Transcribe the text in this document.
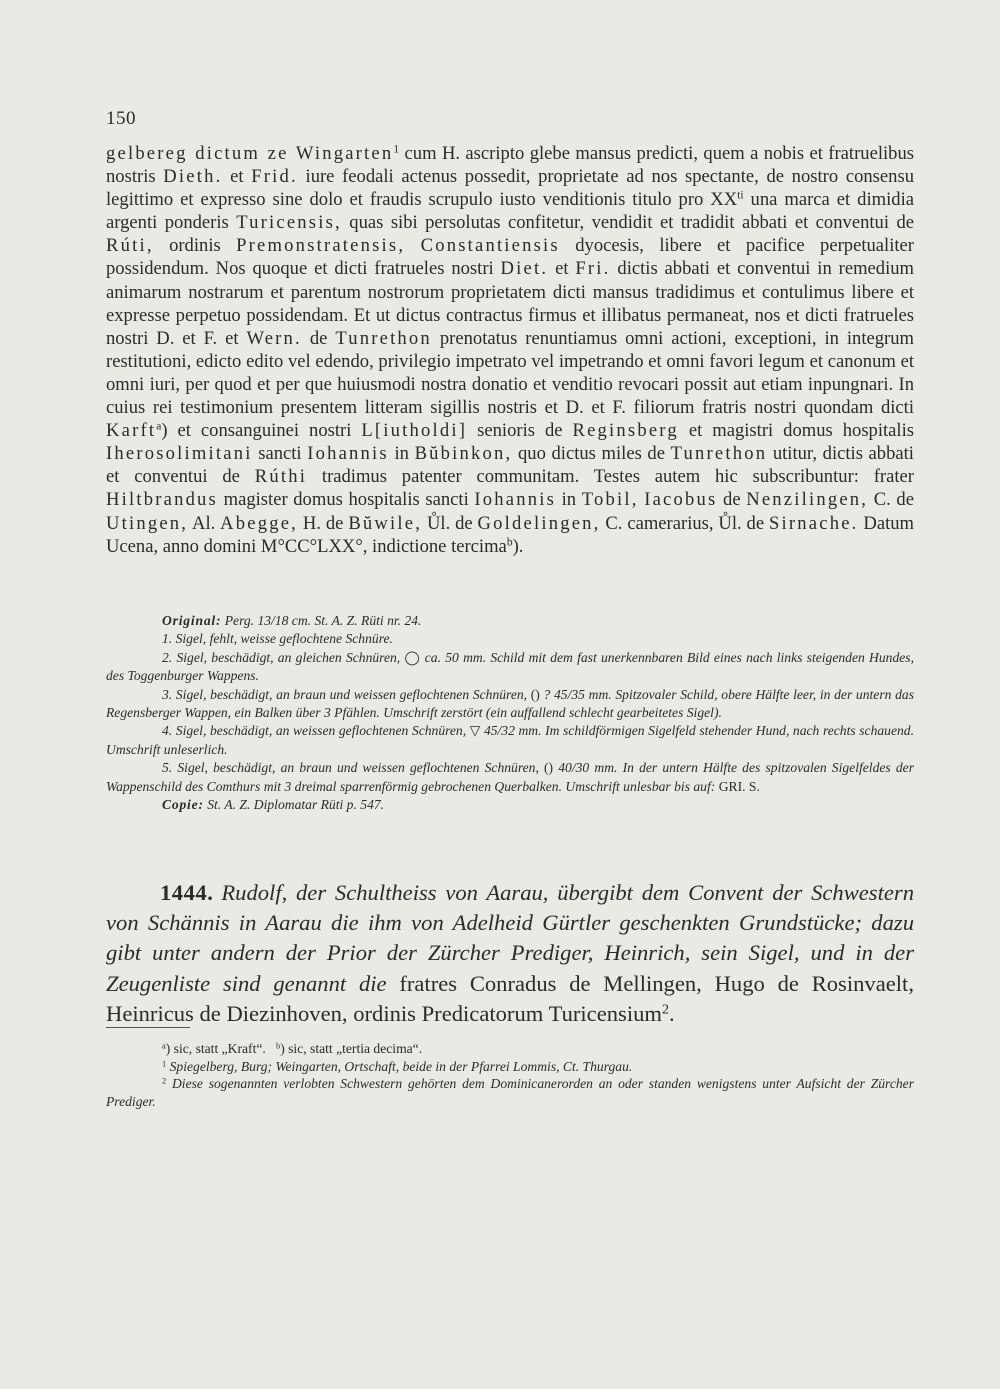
150

gelbereg dictum ze Wingarten$^1$ cum H. ascripto glebe mansus predicti, quem a nobis et fratruelibus nostris Dieth. et Frid. iure feodali actenus possedit, proprietate ad nos spectante, de nostro consensu legittimo et expresso sine dolo et fraudis scrupulo iusto venditionis titulo pro $XX^{ti}$ una marca et dimidia argenti ponderis Turicensis, quas sibi persolutas confitetur, vendidit et tradidit abbati et conventui de Rúti, ordinis Premonstratensis, Constantiensis dyocesis, libere et pacifice perpetualiter possidendum. Nos quoque et dicti fratrueles nostri Diet. et Fri. dictis abbati et conventui in remedium animarum nostrarum et parentum nostrorum proprietatem dicti mansus tradidimus et contulimus libere et expresse perpetuo possidendam. Et ut dictus contractus firmus et illibatus permaneat, nos et dicti fratrueles nostri D. et F. et Wern. de Tunrethon prenotatus renuntiamus omni actioni, exceptioni, in integrum restitutioni, edicto edito vel edendo, privilegio impetrato vel impetrando et omni favori legum et canonum et omni iuri, per quod et per que huiusmodi nostra donatio et venditio revocari possit aut etiam inpungnari. In cuius rei testimonium presentem litteram sigillis nostris et D. et F. filiorum fratris nostri quondam dicti Karft$^a$) et consanguinei nostri L[iutholdi] senioris de Reginsberg et magistri domus hospitalis Iherosolimitani sancti Iohannis in Bŭbinkon, quo dictus miles de Tunrethon utitur, dictis abbati et conventui de Rúthi tradimus patenter communitam. Testes autem hic subscribuntur: frater Hiltbrandus magister domus hospitalis sancti Iohannis in Tobil, Iacobus de Nenzilingen, C. de Utingen, Al. Abegge, H. de Bŭwile, Ůl. de Goldelingen, C. camerarius, Ůl. de Sirnache. Datum Ucena, anno domini M°CC°LXX°, indictione tercima$^b$).

Original: Perg. 13/18 cm. St. A. Z. Rüti nr. 24.

1. Sigel, fehlt, weisse geflochtene Schnüre.

2. Sigel, beschädigt, an gleichen Schnüren, ◯ ca. 50 mm. Schild mit dem fast unerkennbaren Bild eines nach links steigenden Hundes, des Toggenburger Wappens.

3. Sigel, beschädigt, an braun und weissen geflochtenen Schnüren, () ? 45/35 mm. Spitzovaler Schild, obere Hälfte leer, in der untern das Regensberger Wappen, ein Balken über 3 Pfählen. Umschrift zerstört (ein auffallend schlecht gearbeitetes Sigel).

4. Sigel, beschädigt, an weissen geflochtenen Schnüren, ▽ 45/32 mm. Im schildförmigen Sigelfeld stehender Hund, nach rechts schauend. Umschrift unleserlich.

5. Sigel, beschädigt, an braun und weissen geflochtenen Schnüren, () 40/30 mm. In der untern Hälfte des spitzovalen Sigelfeldes der Wappenschild des Comthurs mit 3 dreimal sparrenförmig gebrochenen Querbalken. Umschrift unlesbar bis auf: GRI. S.

Copie: St. A. Z. Diplomatar Rüti p. 547.

1444. Rudolf, der Schultheiss von Aarau, übergibt dem Convent der Schwestern von Schännis in Aarau die ihm von Adelheid Gürtler geschenkten Grundstücke; dazu gibt unter andern der Prior der Zürcher Prediger, Heinrich, sein Sigel, und in der Zeugenliste sind genannt die fratres Conradus de Mellingen, Hugo de Rosinvaelt, Heinricus de Diezinhoven, ordinis Predicatorum Turicensium$^2$.

$^a$) sic, statt „Kraft“. $^b$) sic, statt „tertia decima“.

$^1$ Spiegelberg, Burg; Weingarten, Ortschaft, beide in der Pfarrei Lommis, Ct. Thurgau.

$^2$ Diese sogenannten verlobten Schwestern gehörten dem Dominicanerorden an oder standen wenigstens unter Aufsicht der Zürcher Prediger.
